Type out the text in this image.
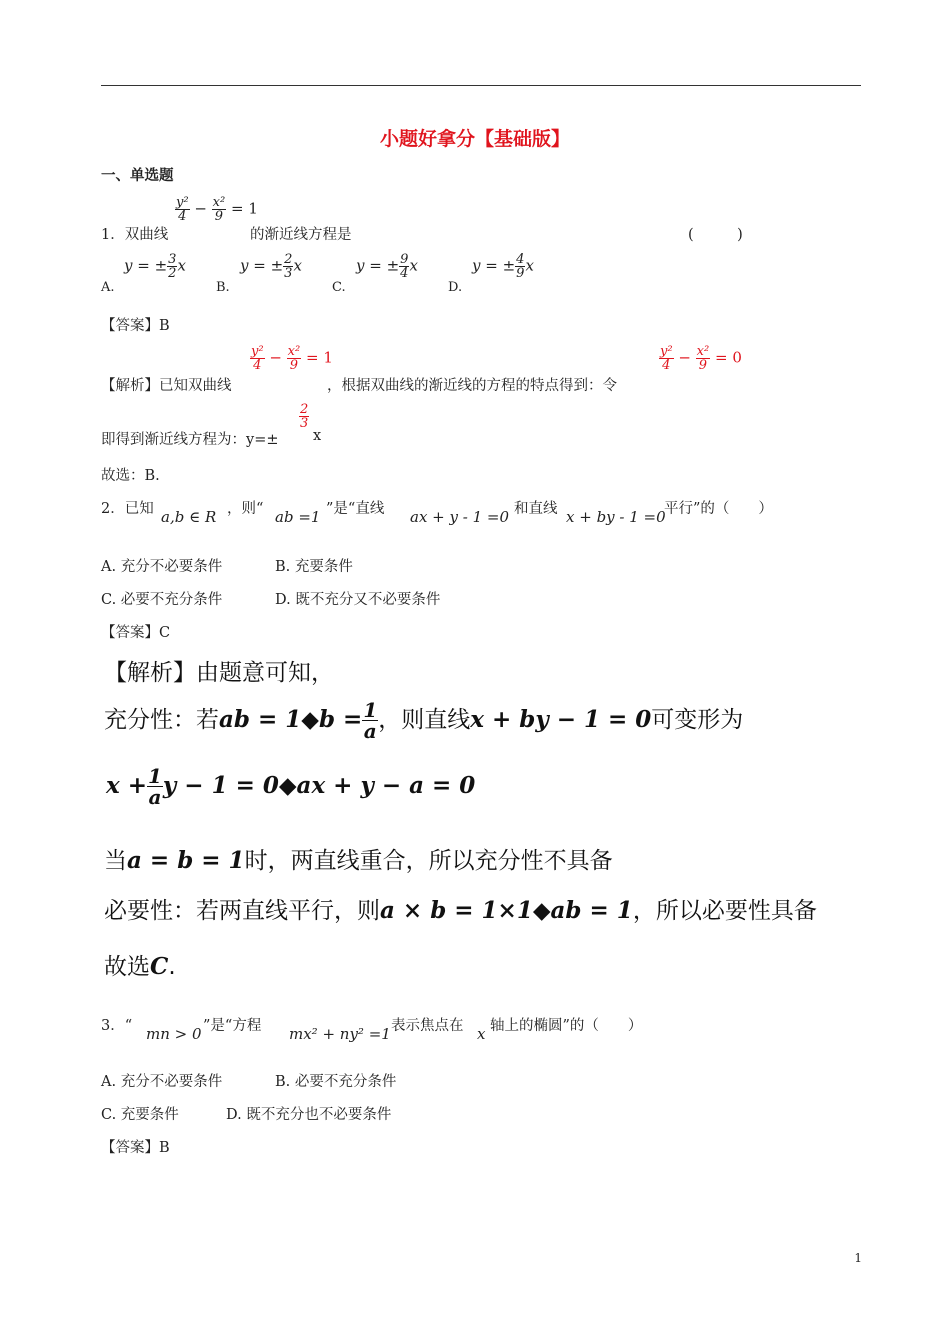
小题好拿分【基础版】
一、单选题
1．双曲线
$\frac{\text{y²}}{4} - \frac{\text{x²}}{9} = 1$
的渐近线方程是	(　　　)
A.
y = ± $\frac{3}{2}$ x
B.
y = ± $\frac{2}{3}$ x
C.
y = ± $\frac{9}{4}$ x
D.
y = ± $\frac{4}{9}$ x
【答案】B
【解析】已知双曲线
$\frac{\text{y²}}{4} - \frac{\text{x²}}{9} = 1$
，根据双曲线的渐近线的方程的特点得到：令
$\frac{\text{y²}}{4} - \frac{\text{x²}}{9} = 0$
即得到渐近线方程为：y=±
$\frac{2}{3}$
x
故选：B.
2．已知 a,b ∈ R ，则“ ab =1 ”是“直线 ax + y - 1 =0 和直线 x + by - 1 =0
平行”的（　　）
A. 充分不必要条件	B. 充要条件
C. 必要不充分条件	D. 既不充分又不必要条件
【答案】C
【解析】由题意可知，
充分性：若ab = 1◆b = $\frac{1}{a}$ ，则直线x + by − 1 = 0可变形为
$x + \frac{1}{a}$ y − 1 = 0◆ax + y − a = 0
当a = b = 1时，两直线重合，所以充分性不具备
必要性：若两直线平行，则a × b = 1×1◆ab = 1，所以必要性具备
故选C.
3．“ mn > 0 ”是“方程 mx² + ny² =1 表示焦点在 x 轴上的椭圆”的（　　）
A. 充分不必要条件	B. 必要不充分条件
C. 充要条件	D. 既不充分也不必要条件
【答案】B
1
